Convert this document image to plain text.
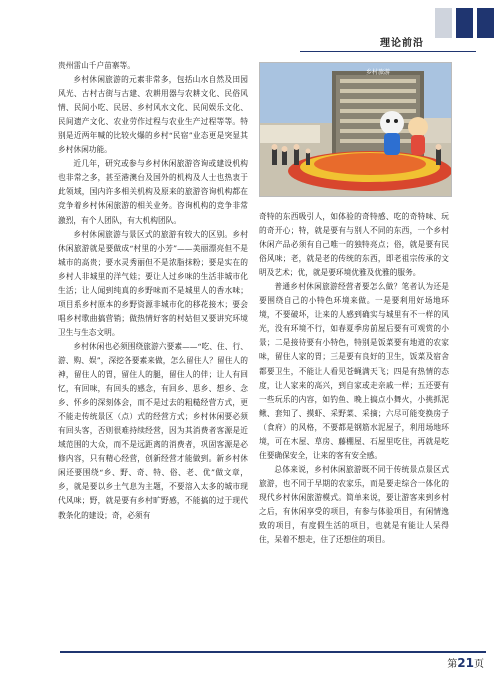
理论前沿

贵州雷山千户苗寨等。

乡村休闲旅游的元素非常多，包括山水自然及田园风光、古村古街与古建、农耕用器与农耕文化、民俗风情、民间小吃、民居、乡村风水文化、民间娱乐文化、民间遗产文化、农业劳作过程与农业生产过程等等。特别是近两年喊的比较火爆的乡村“民宿”业态更是突显其乡村休闲功能。

近几年，研究或参与乡村休闲旅游咨询或建设机构也非常之多，甚至港澳台及国外的机构及人士也热衷于此领域，国内许多相关机构及原来的旅游咨询机构都在竞争着乡村休闲旅游的相关业务。咨询机构的竞争非常激烈，有个人团队，有大机构团队。

乡村休闲旅游与景区式的旅游有较大的区别。乡村休闲旅游就是要做成“村里的小芳”——美丽漂亮但不是城市的高贵；要水灵秀丽但不是浓脂抹粉；要是实在的乡村人非城里的洋气娃；要让人过乡味的生活非城市化生活；让人闻到纯真的乡野味而不是城里人的香水味；项目系乡村原本的乡野资源非城市化的移花接木；要会唱乡村歌曲搞营销；做热情好客的村姑但又要讲究环境卫生与生态文明。

乡村休闲也必须围绕旅游六要素——“吃、住、行、游、购、娱”，深挖各要素来做，怎么留住人？留住人的神，留住人的胃，留住人的腿，留住人的伴；让人有回忆，有回味，有回头的感念，有回乡、思乡、想乡、念乡、怀乡的深刻体会，而不是过去的粗糙经营方式，更不能走传统景区（点）式的经营方式；乡村休闲要必须有回头客，否则很难持续经营，因为其消费者客源是近域范围的大众，而不是远距离的消费者，巩固客源是必修内容，只有精心经营，创新经营才能做到。新乡村休闲还要围绕“乡、野、奇、特、俗、老、优”做文章，乡，就是要以乡土气息为主题，不要溶入太多的城市现代风味；野，就是要有乡村旷野感，不能搞的过于现代教条化的建设；奇，必须有

乡村旅游

奇特的东西吸引人，如体验的奇特感、吃的奇特味、玩的奇开心；特，就是要有与别人不同的东西，一个乡村休闲产品必须有自己唯一的独特亮点；俗，就是要有民俗风味；老，就是老的传统的东西，即老祖宗传承的文明及艺术；优，就是要环境优雅及优雅的服务。

普通乡村休闲旅游经营者要怎么做？笔者认为还是要围绕自己的小特色环境来做。一是要利用好场地环境，不要破坏，让来的人感到确实与城里有不一样的风光，没有环境不行，如春夏季房前屋后要有可观赏的小景；二是接待要有小特色，特别是饭菜要有地道的农家味，留住人家的胃；三是要有良好的卫生，饭菜及宿舍都要卫生，不能让人看见苍蝇满天飞；四是有热情的态度，让人家来的高兴，到自家或走亲戚一样；五还要有一些玩乐的内容，如钓鱼、晚上搞点小舞火，小挑抓泥鳅、套知了、摸虾、采野菜、采摘；六尽可能变换房子（食府）的风格，不要都是钢筋水泥屋子，利用场地环境，可在木屋、草房、藤棚屋、石屋里吃住，再就是吃住要确保安全，让来的客有安全感。

总体来说，乡村休闲旅游既不同于传统景点景区式旅游，也不同于早期的农家乐，而是要走综合一体化的现代乡村休闲旅游模式。简单来说，要让游客来到乡村之后，有休闲享受的项目，有参与体验项目，有闲情逸致的项目，有度假生活的项目，也就是有能让人呆得住，呆着不想走，住了还想住的项目。

第21页
